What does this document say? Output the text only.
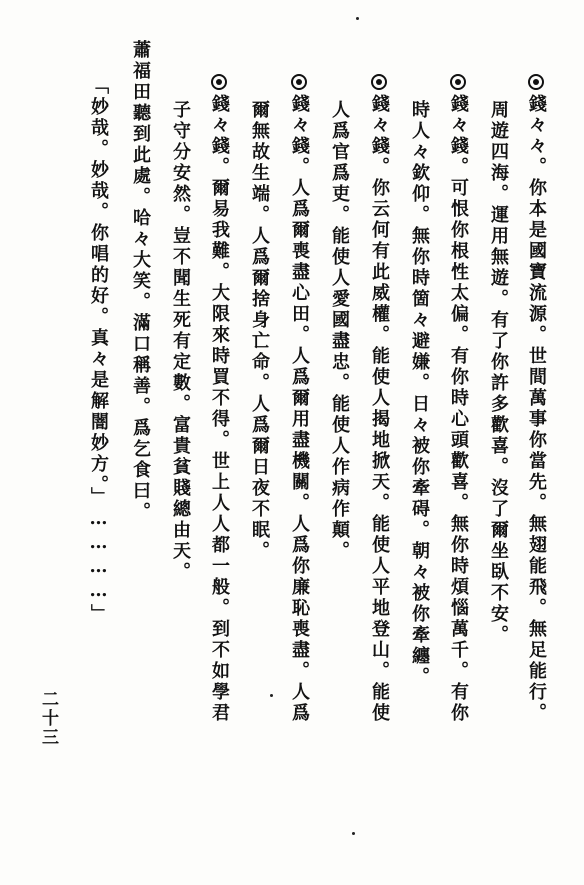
錢々々。你本是國寶流源。世間萬事你當先。無翅能飛。無足能行。
周遊四海。運用無遊。有了你許多歡喜。沒了爾坐臥不安。
錢々錢。可恨你根性太偏。有你時心頭歡喜。無你時煩惱萬千。有你
時人々欽仰。無你時箇々避嫌。日々被你牽碍。朝々被你牽纏。
錢々錢。你云何有此威權。能使人揭地掀天。能使人平地登山。能使
人爲官爲吏。能使人愛國盡忠。能使人作病作顛。
錢々錢。人爲爾喪盡心田。人爲爾用盡機關。人爲你廉恥喪盡。人爲
爾無故生端。人爲爾捨身亡命。人爲爾日夜不眠。
錢々錢。爾易我難。大限來時買不得。世上人人都一般。到不如學君
子守分安然。豈不聞生死有定數。富貴貧賤總由天。
蕭福田聽到此處。哈々大笑。滿口稱善。爲乞食曰。
「妙哉。妙哉。你唱的好。真々是解闇妙方。」…………」
二十三
